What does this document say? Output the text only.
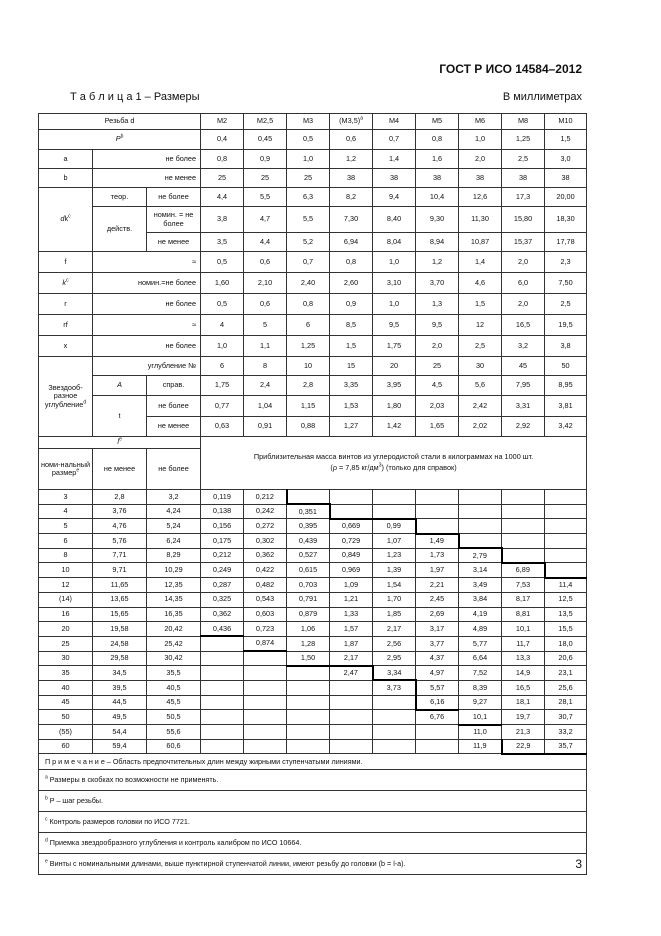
ГОСТ Р ИСО 14584–2012
Т а б л и ц а 1 – Размеры	В миллиметрах
Резьба d			M2	M2,5	M3	$(M3,5)^a$	M4	M5	M6	M8	M10
$P^b$			0,4	0,45	0,5	0,6	0,7	0,8	1,0	1,25	1,5
a	не более		0,8	0,9	1,0	1,2	1,4	1,6	2,0	2,5	3,0
b	не менее		25	25	25	38	38	38	38	38	38
$dk^c$	теор.	не более	4,4	5,5	6,3	8,2	9,4	10,4	12,6	17,3	20,00
	действ.	номин. = не более	3,8	4,7	5,5	7,30	8,40	9,30	11,30	15,80	18,30
		не менее	3,5	4,4	5,2	6,94	8,04	8,94	10,87	15,37	17,78
f	≈		0,5	0,6	0,7	0,8	1,0	1,2	1,4	2,0	2,3
$k^c$	номин.=не более		1,60	2,10	2,40	2,60	3,10	3,70	4,6	6,0	7,50
r	не более		0,5	0,6	0,8	0,9	1,0	1,3	1,5	2,0	2,5
rf	≈		4	5	6	8,5	9,5	9,5	12	16,5	19,5
x	не более		1,0	1,1	1,25	1,5	1,75	2,0	2,5	3,2	3,8
Звездооб-разное углубление$^d$	углубление №		6	8	10	15	20	25	30	45	50
	A	справ.	1,75	2,4	2,8	3,35	3,95	4,5	5,6	7,95	8,95
	t	не более	0,77	1,04	1,15	1,53	1,80	2,03	2,42	3,31	3,81
		не менее	0,63	0,91	0,88	1,27	1,42	1,65	2,02	2,92	3,42
$l^e$			Приблизительная масса винтов из углеродистой стали в килограммах на 1000 шт.
(ρ = 7,85 $кг/дм^3$) (только для справок)								
номи-нальный размер$^e$	не менее	не более									
3	2,8	3,2	0,119	0,212							
4	3,76	4,24	0,138	0,242	0,351						
5	4,76	5,24	0,156	0,272	0,395	0,669	0,99				
6	5,76	6,24	0,175	0,302	0,439	0,729	1,07	1,49			
8	7,71	8,29	0,212	0,362	0,527	0,849	1,23	1,73	2,79		
10	9,71	10,29	0,249	0,422	0,615	0,969	1,39	1,97	3,14	6,89	
12	11,65	12,35	0,287	0,482	0,703	1,09	1,54	2,21	3,49	7,53	11,4
(14)	13,65	14,35	0,325	0,543	0,791	1,21	1,70	2,45	3,84	8,17	12,5
16	15,65	16,35	0,362	0,603	0,879	1,33	1,85	2,69	4,19	8,81	13,5
20	19,58	20,42	0,436	0,723	1,06	1,57	2,17	3,17	4,89	10,1	15,5
25	24,58	25,42		0,874	1,28	1,87	2,56	3,77	5,77	11,7	18,0
30	29,58	30,42			1,50	2,17	2,95	4,37	6,64	13,3	20,6
35	34,5	35,5				2,47	3,34	4,97	7,52	14,9	23,1
40	39,5	40,5					3,73	5,57	8,39	16,5	25,6
45	44,5	45,5						6,16	9,27	18,1	28,1
50	49,5	50,5						6,76	10,1	19,7	30,7
(55)	54,4	55,6							11,0	21,3	33,2
60	59,4	60,6							11,9	22,9	35,7
П р и м е ч а н и е – Область предпочтительных длин между жирными ступенчатыми линиями.											
$^a$ Размеры в скобках по возможности не применять.											
$^b$ P – шаг резьбы.											
$^c$ Контроль размеров головки по ИСО 7721.											
$^d$ Приемка звездообразного углубления и контроль калибром по ИСО 10664.											
$^e$ Винты с номинальными длинами, выше пунктирной ступенчатой линии, имеют резьбу до головки (b = l-a).												3
